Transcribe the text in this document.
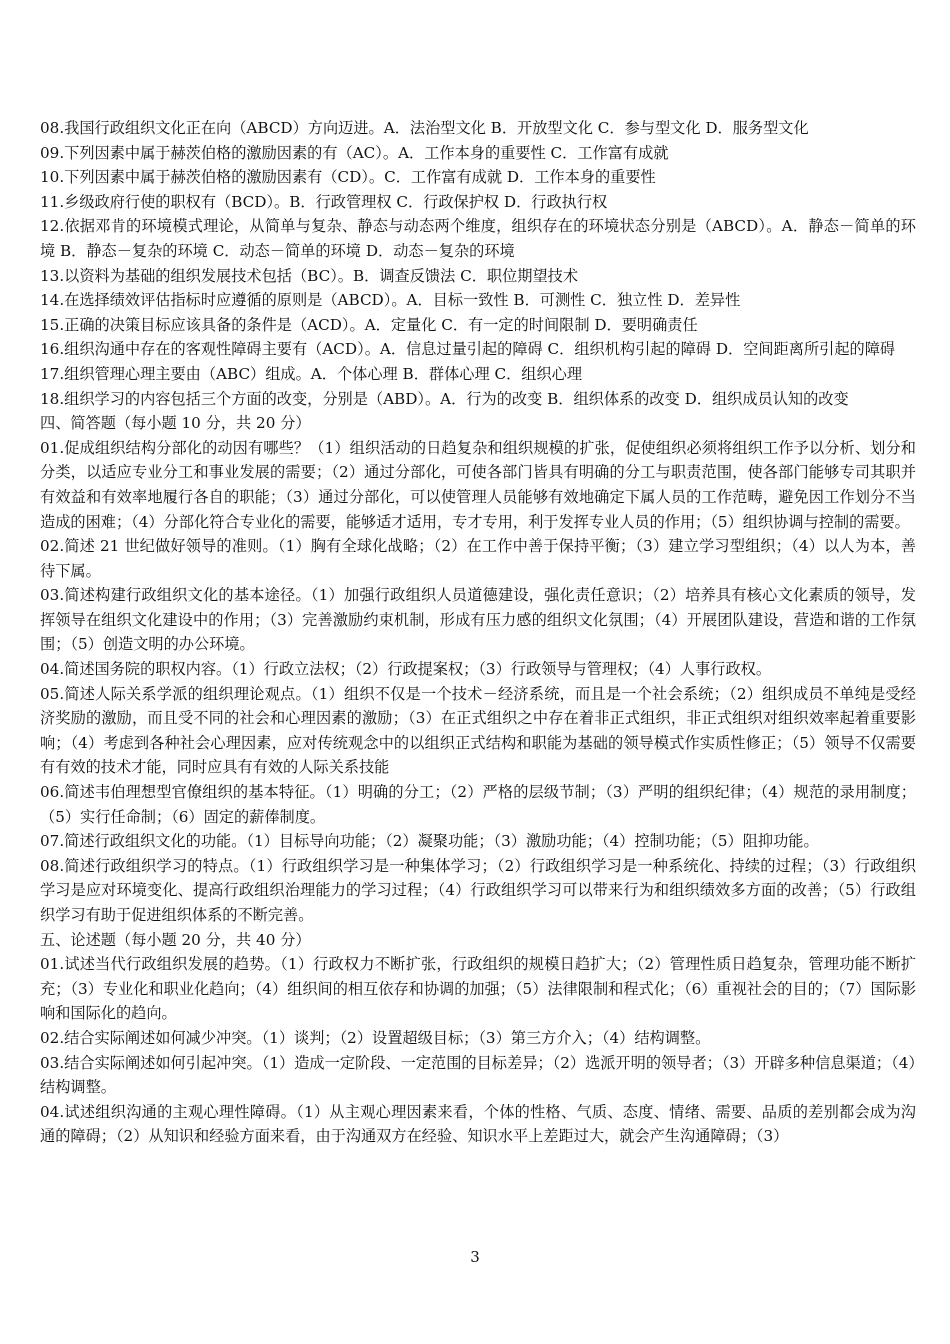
08.我国行政组织文化正在向（ABCD）方向迈进。A．法治型文化 B．开放型文化 C．参与型文化 D．服务型文化

09.下列因素中属于赫茨伯格的激励因素的有（AC）。A．工作本身的重要性 C．工作富有成就

10.下列因素中属于赫茨伯格的激励因素有（CD）。C．工作富有成就 D．工作本身的重要性

11.乡级政府行使的职权有（BCD）。B．行政管理权 C．行政保护权 D．行政执行权

12.依据邓肯的环境模式理论，从简单与复杂、静态与动态两个维度，组织存在的环境状态分别是（ABCD）。A．静态－简单的环境 B．静态－复杂的环境 C．动态－简单的环境 D．动态－复杂的环境

13.以资料为基础的组织发展技术包括（BC）。B．调查反馈法 C．职位期望技术

14.在选择绩效评估指标时应遵循的原则是（ABCD）。A．目标一致性 B．可测性 C．独立性 D．差异性

15.正确的决策目标应该具备的条件是（ACD）。A．定量化 C．有一定的时间限制 D．要明确责任

16.组织沟通中存在的客观性障碍主要有（ACD）。A．信息过量引起的障碍 C．组织机构引起的障碍 D．空间距离所引起的障碍

17.组织管理心理主要由（ABC）组成。A．个体心理 B．群体心理 C．组织心理

18.组织学习的内容包括三个方面的改变，分别是（ABD）。A．行为的改变 B．组织体系的改变 D．组织成员认知的改变

四、简答题（每小题 10 分，共 20 分）

01.促成组织结构分部化的动因有哪些？（1）组织活动的日趋复杂和组织规模的扩张，促使组织必须将组织工作予以分析、划分和分类，以适应专业分工和事业发展的需要；（2）通过分部化，可使各部门皆具有明确的分工与职责范围，使各部门能够专司其职并有效益和有效率地履行各自的职能；（3）通过分部化，可以使管理人员能够有效地确定下属人员的工作范畴，避免因工作划分不当造成的困难；（4）分部化符合专业化的需要，能够适才适用，专才专用，利于发挥专业人员的作用；（5）组织协调与控制的需要。

02.简述 21 世纪做好领导的准则。（1）胸有全球化战略；（2）在工作中善于保持平衡；（3）建立学习型组织；（4）以人为本，善待下属。

03.简述构建行政组织文化的基本途径。（1）加强行政组织人员道德建设，强化责任意识；（2）培养具有核心文化素质的领导，发挥领导在组织文化建设中的作用；（3）完善激励约束机制，形成有压力感的组织文化氛围；（4）开展团队建设，营造和谐的工作氛围；（5）创造文明的办公环境。

04.简述国务院的职权内容。（1）行政立法权；（2）行政提案权；（3）行政领导与管理权；（4）人事行政权。

05.简述人际关系学派的组织理论观点。（1）组织不仅是一个技术－经济系统，而且是一个社会系统；（2）组织成员不单纯是受经济奖励的激励，而且受不同的社会和心理因素的激励；（3）在正式组织之中存在着非正式组织，非正式组织对组织效率起着重要影响；（4）考虑到各种社会心理因素，应对传统观念中的以组织正式结构和职能为基础的领导模式作实质性修正；（5）领导不仅需要有有效的技术才能，同时应具有有效的人际关系技能

06.简述韦伯理想型官僚组织的基本特征。（1）明确的分工；（2）严格的层级节制；（3）严明的组织纪律；（4）规范的录用制度；（5）实行任命制；（6）固定的薪俸制度。

07.简述行政组织文化的功能。（1）目标导向功能；（2）凝聚功能；（3）激励功能；（4）控制功能；（5）阻抑功能。

08.简述行政组织学习的特点。（1）行政组织学习是一种集体学习；（2）行政组织学习是一种系统化、持续的过程；（3）行政组织学习是应对环境变化、提高行政组织治理能力的学习过程；（4）行政组织学习可以带来行为和组织绩效多方面的改善；（5）行政组织学习有助于促进组织体系的不断完善。

五、论述题（每小题 20 分，共 40 分）

01.试述当代行政组织发展的趋势。（1）行政权力不断扩张，行政组织的规模日趋扩大；（2）管理性质日趋复杂，管理功能不断扩充；（3）专业化和职业化趋向；（4）组织间的相互依存和协调的加强；（5）法律限制和程式化；（6）重视社会的目的；（7）国际影响和国际化的趋向。

02.结合实际阐述如何减少冲突。（1）谈判；（2）设置超级目标；（3）第三方介入；（4）结构调整。

03.结合实际阐述如何引起冲突。（1）造成一定阶段、一定范围的目标差异；（2）选派开明的领导者；（3）开辟多种信息渠道；（4）结构调整。

04.试述组织沟通的主观心理性障碍。（1）从主观心理因素来看，个体的性格、气质、态度、情绪、需要、品质的差别都会成为沟通的障碍；（2）从知识和经验方面来看，由于沟通双方在经验、知识水平上差距过大，就会产生沟通障碍；（3）

3
